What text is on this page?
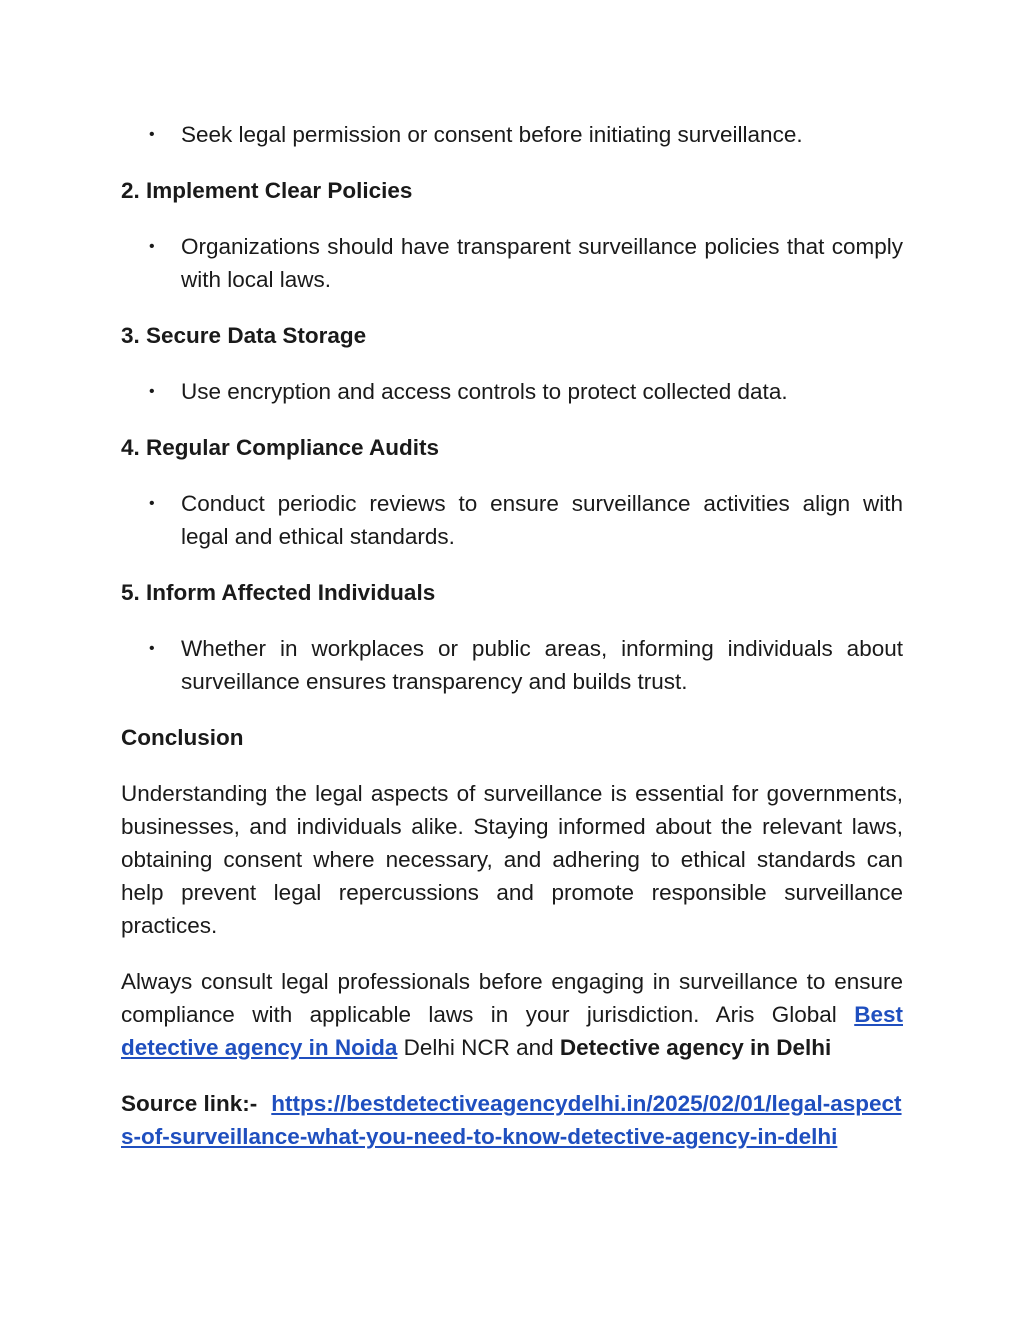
• Seek legal permission or consent before initiating surveillance.
2. Implement Clear Policies
• Organizations should have transparent surveillance policies that comply with local laws.
3. Secure Data Storage
• Use encryption and access controls to protect collected data.
4. Regular Compliance Audits
• Conduct periodic reviews to ensure surveillance activities align with legal and ethical standards.
5. Inform Affected Individuals
• Whether in workplaces or public areas, informing individuals about surveillance ensures transparency and builds trust.
Conclusion
Understanding the legal aspects of surveillance is essential for governments, businesses, and individuals alike. Staying informed about the relevant laws, obtaining consent where necessary, and adhering to ethical standards can help prevent legal repercussions and promote responsible surveillance practices.
Always consult legal professionals before engaging in surveillance to ensure compliance with applicable laws in your jurisdiction. Aris Global Best detective agency in Noida Delhi NCR and Detective agency in Delhi
Source link:- https://bestdetectiveagencydelhi.in/2025/02/01/legal-aspects-of-surveillance-what-you-need-to-know-detective-agency-in-delhi
